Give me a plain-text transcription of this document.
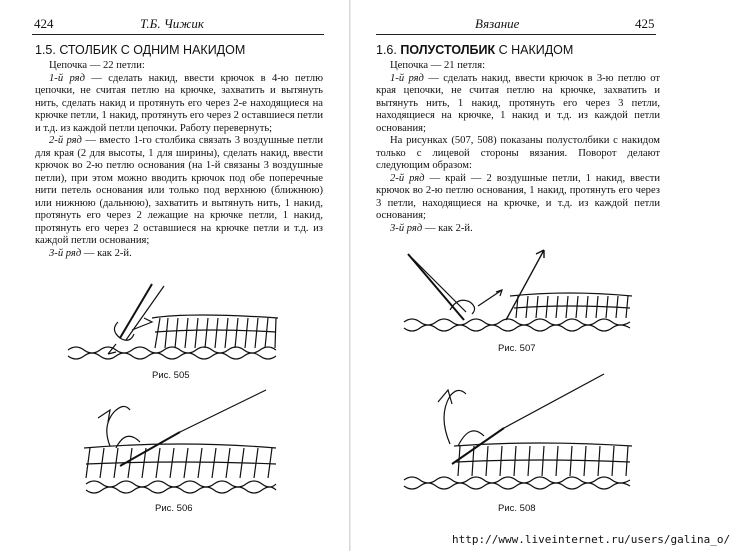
424	Т.Б. Чижик
1.5. СТОЛБИК С ОДНИМ НАКИДОМ

Цепочка — 22 петли:

1-й ряд — сделать накид, ввести крючок в 4-ю петлю цепочки, не считая петлю на крючке, захватить и вытянуть нить, сделать накид и протянуть его через 2-е находящиеся на крючке петли, 1 накид, протянуть его через 2 оставшиеся петли и т.д. из каждой петли цепочки. Работу перевернуть;

2-й ряд — вместо 1-го столбика связать 3 воздушные петли для края (2 для высоты, 1 для ширины), сделать накид, ввести крючок во 2-ю петлю основания (на 1-й связаны 3 воздушные петли), при этом можно вводить крючок под обе поперечные нити петель основания или только под верхнюю (ближнюю) или нижнюю (дальнюю), захватить и вытянуть нить, 1 накид, протянуть его через 2 лежащие на крючке петли, 1 накид, протянуть его через 2 оставшиеся на крючке петли и т.д. из каждой петли основания;

3-й ряд — как 2-й.

Рис. 505
Рис. 506
Вязание	425
1.6. ПОЛУСТОЛБИК С НАКИДОМ

Цепочка — 21 петля:

1-й ряд — сделать накид, ввести крючок в 3-ю петлю от края цепочки, не считая петлю на крючке, захватить и вытянуть нить, 1 накид, протянуть его через 3 петли, находящиеся на крючке, 1 накид и т.д. из каждой петли основания;

На рисунках (507, 508) показаны полустолбики с накидом только с лицевой стороны вязания. Поворот делают следующим образом:

2-й ряд — край — 2 воздушные петли, 1 накид, ввести крючок во 2-ю петлю основания, 1 накид, протянуть его через 3 петли, находящиеся на крючке, и т.д. из каждой петли основания;

3-й ряд — как 2-й.

Рис. 507
Рис. 508
http://www.liveinternet.ru/users/galina_o/
